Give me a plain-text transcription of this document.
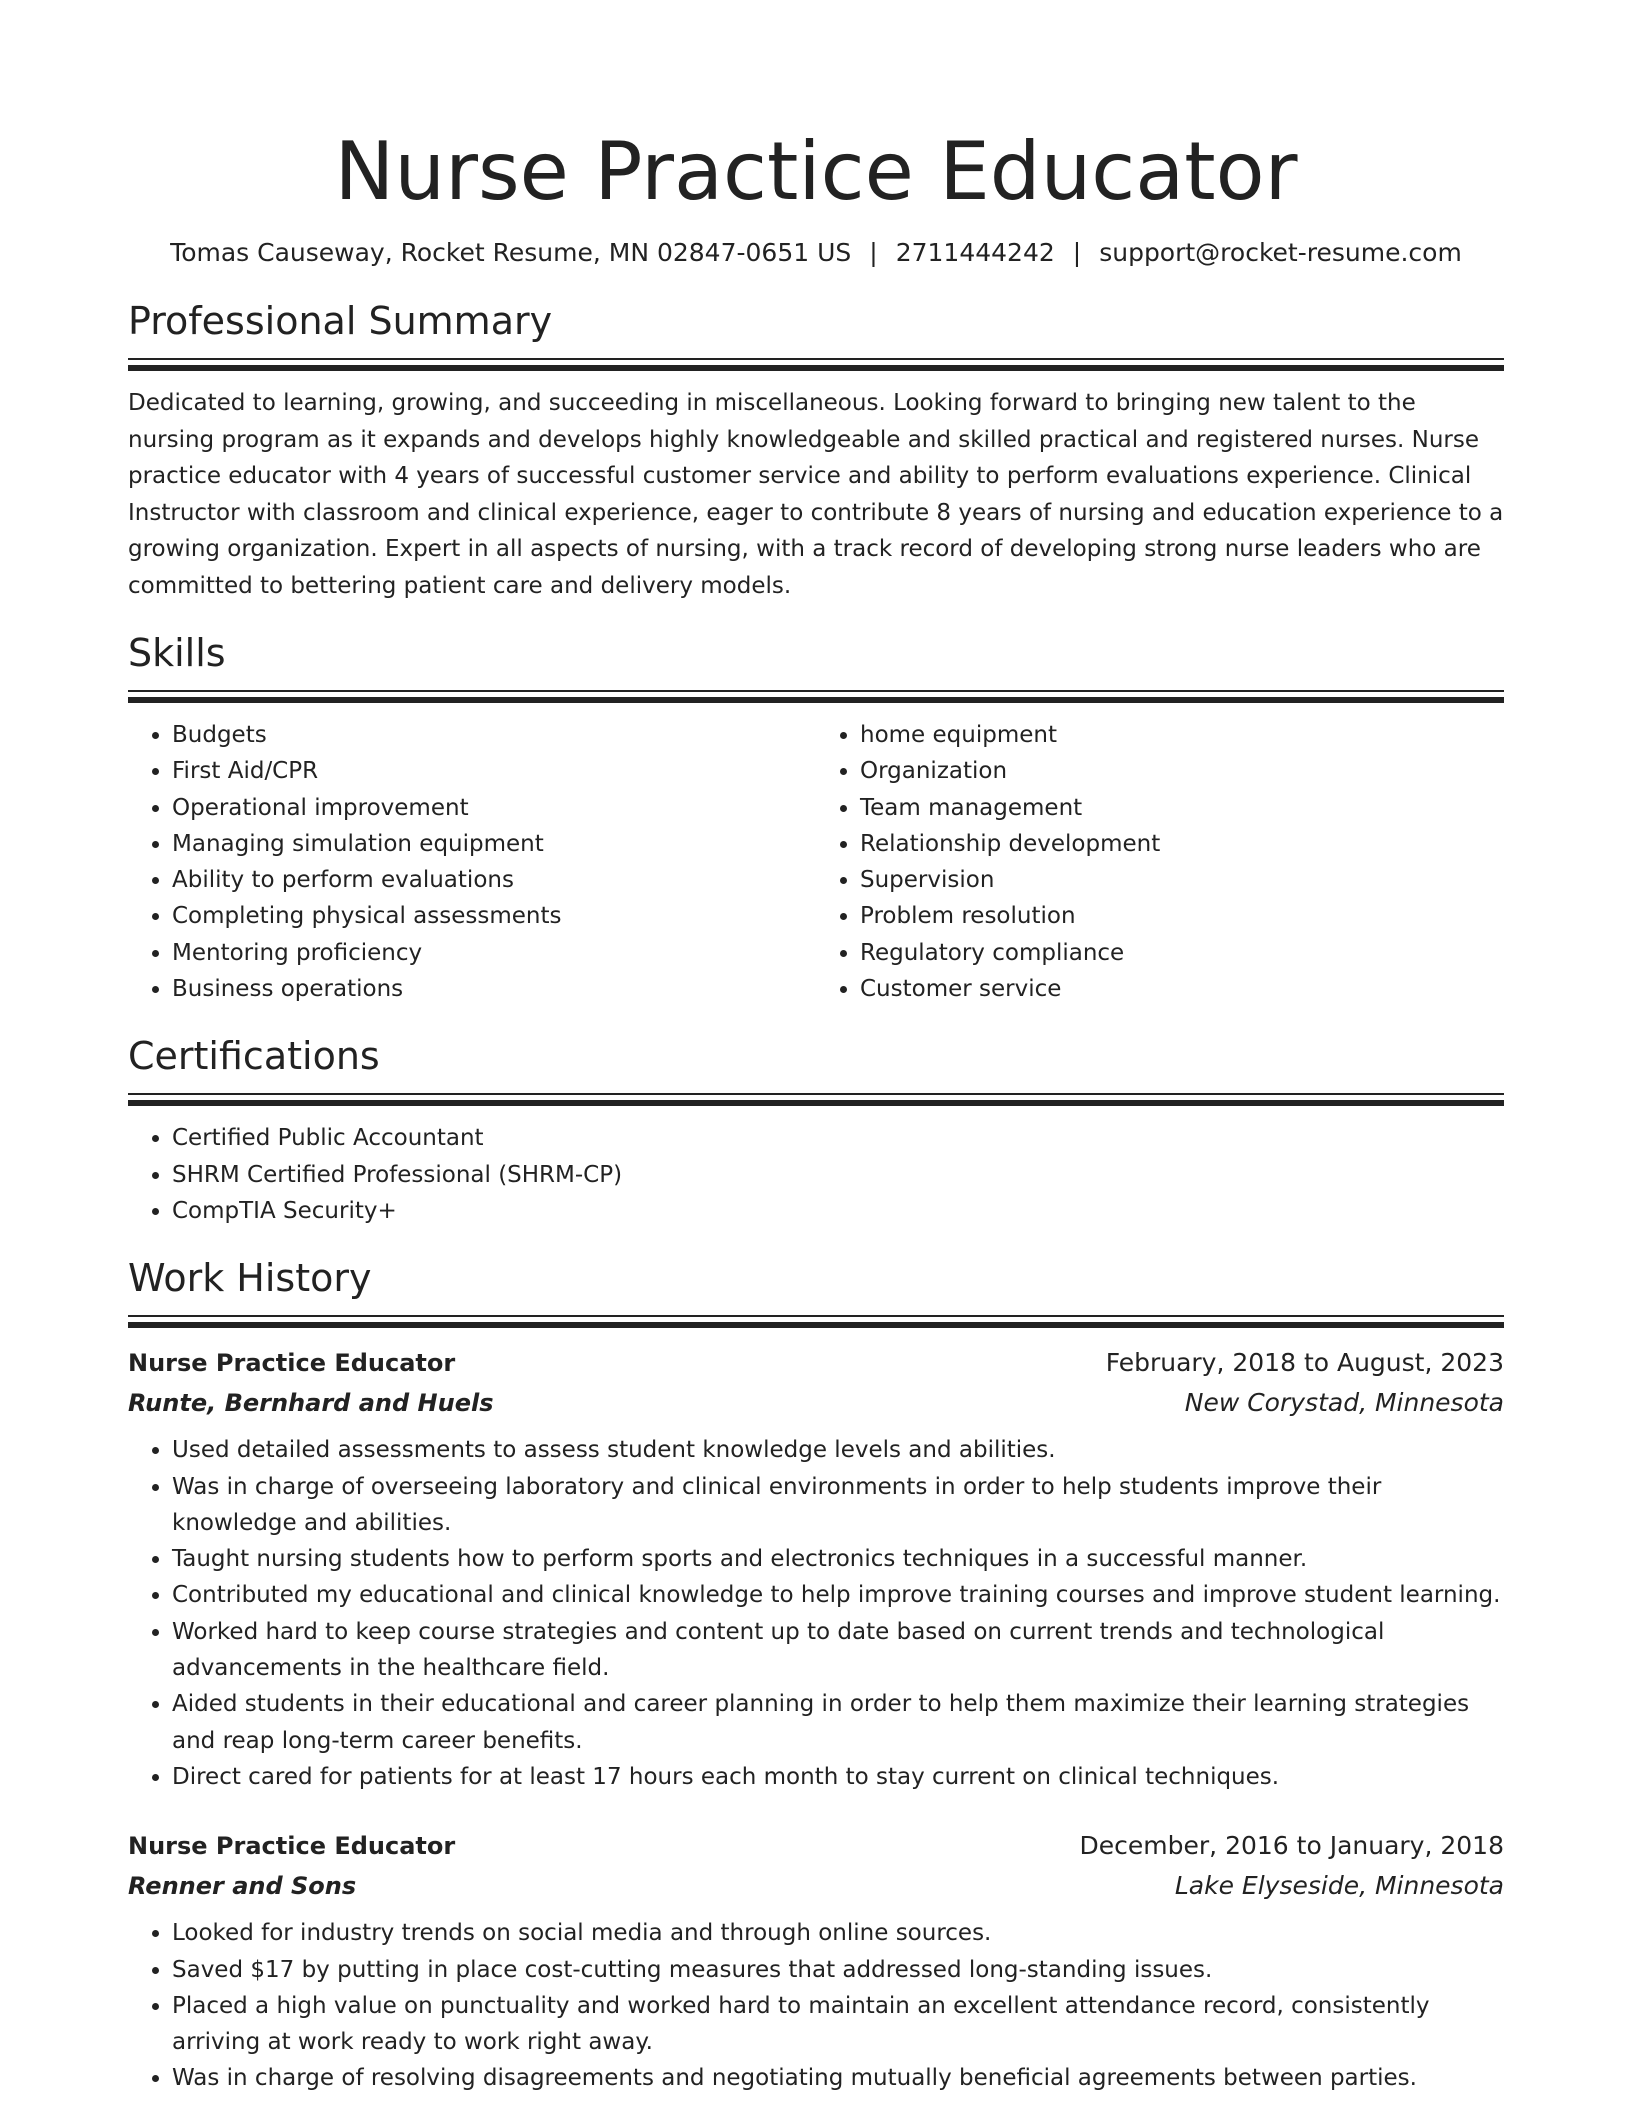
Nurse Practice Educator
Tomas Causeway, Rocket Resume, MN 02847-0651 US | 2711444242 | support@rocket-resume.com
Professional Summary
Dedicated to learning, growing, and succeeding in miscellaneous. Looking forward to bringing new talent to the nursing program as it expands and develops highly knowledgeable and skilled practical and registered nurses. Nurse practice educator with 4 years of successful customer service and ability to perform evaluations experience. Clinical Instructor with classroom and clinical experience, eager to contribute 8 years of nursing and education experience to a growing organization. Expert in all aspects of nursing, with a track record of developing strong nurse leaders who are committed to bettering patient care and delivery models.
Skills
• Budgets
• First Aid/CPR
• Operational improvement
• Managing simulation equipment
• Ability to perform evaluations
• Completing physical assessments
• Mentoring proficiency
• Business operations
• home equipment
• Organization
• Team management
• Relationship development
• Supervision
• Problem resolution
• Regulatory compliance
• Customer service
Certifications
• Certified Public Accountant
• SHRM Certified Professional (SHRM-CP)
• CompTIA Security+
Work History
Nurse Practice Educator	February, 2018 to August, 2023
Runte, Bernhard and Huels	New Corystad, Minnesota
• Used detailed assessments to assess student knowledge levels and abilities.
• Was in charge of overseeing laboratory and clinical environments in order to help students improve their knowledge and abilities.
• Taught nursing students how to perform sports and electronics techniques in a successful manner.
• Contributed my educational and clinical knowledge to help improve training courses and improve student learning.
• Worked hard to keep course strategies and content up to date based on current trends and technological advancements in the healthcare field.
• Aided students in their educational and career planning in order to help them maximize their learning strategies and reap long-term career benefits.
• Direct cared for patients for at least 17 hours each month to stay current on clinical techniques.
Nurse Practice Educator	December, 2016 to January, 2018
Renner and Sons	Lake Elyseside, Minnesota
• Looked for industry trends on social media and through online sources.
• Saved $17 by putting in place cost-cutting measures that addressed long-standing issues.
• Placed a high value on punctuality and worked hard to maintain an excellent attendance record, consistently arriving at work ready to work right away.
• Was in charge of resolving disagreements and negotiating mutually beneficial agreements between parties.
